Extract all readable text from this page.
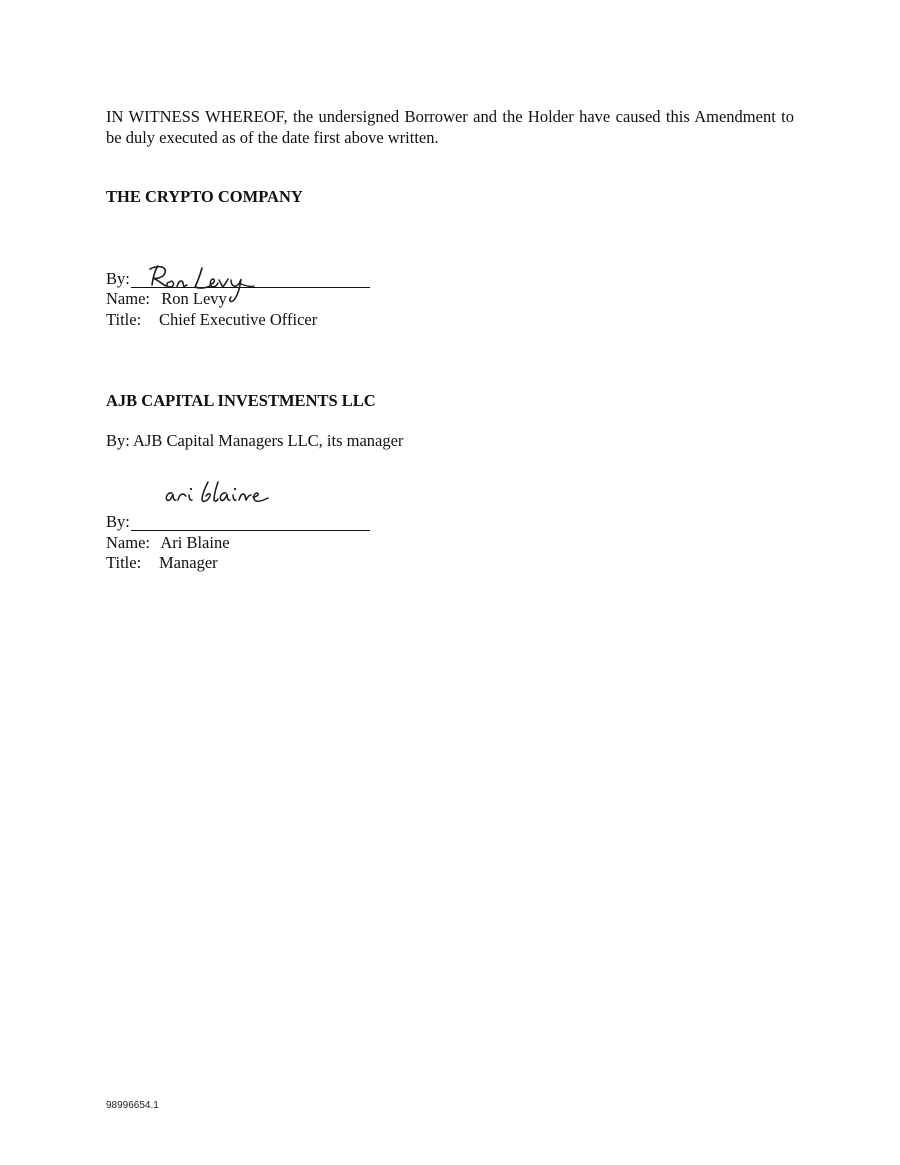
IN WITNESS WHEREOF, the undersigned Borrower and the Holder have caused this Amendment to be duly executed as of the date first above written.

THE CRYPTO COMPANY
By:
Name: Ron Levy
Title: Chief Executive Officer
AJB CAPITAL INVESTMENTS LLC
By: AJB Capital Managers LLC, its manager
By:
Name: Ari Blaine
Title: Manager
98996654.1
